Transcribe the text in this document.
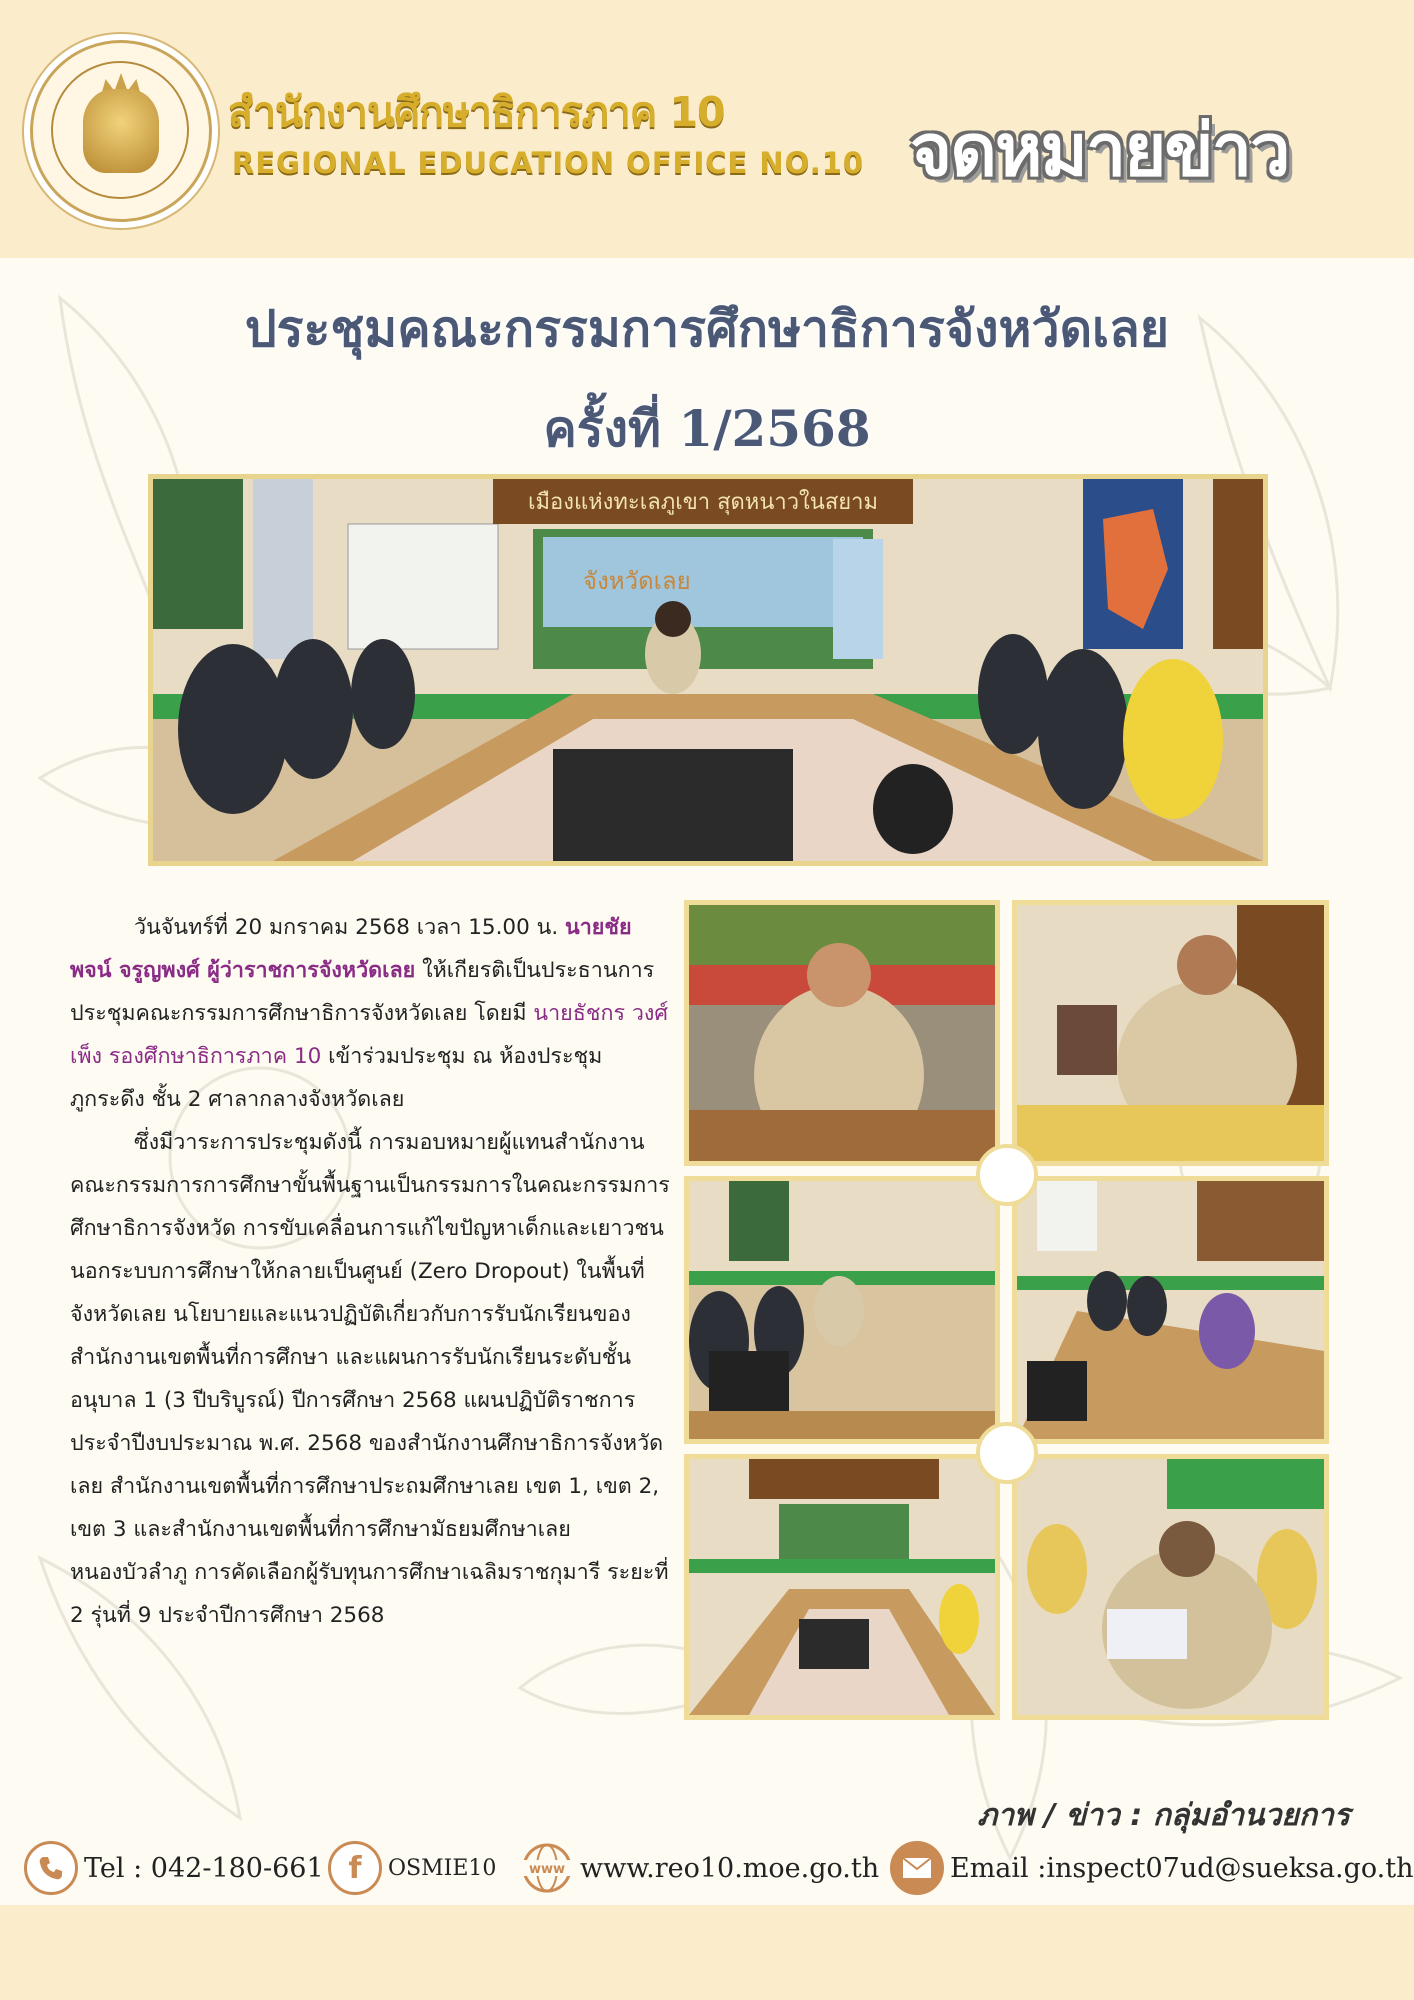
สำนักงานศึกษาธิการภาค 10
REGIONAL EDUCATION OFFICE NO.10 จดหมายข่าว
ประชุมคณะกรรมการศึกษาธิการจังหวัดเลย
ครั้งที่ 1/2568
เมืองแห่งทะเลภูเขา สุดหนาวในสยาม
จังหวัดเลย

วันจันทร์ที่ 20 มกราคม 2568 เวลา 15.00 น. นายชัยพจน์ จรูญพงศ์ ผู้ว่าราชการจังหวัดเลย ให้เกียรติเป็นประธานการประชุมคณะกรรมการศึกษาธิการจังหวัดเลย โดยมี นายธัชกร วงศ์เพ็ง รองศึกษาธิการภาค 10 เข้าร่วมประชุม ณ ห้องประชุมภูกระดึง ชั้น 2 ศาลากลางจังหวัดเลย

ซึ่งมีวาระการประชุมดังนี้ การมอบหมายผู้แทนสำนักงานคณะกรรมการการศึกษาขั้นพื้นฐานเป็นกรรมการในคณะกรรมการศึกษาธิการจังหวัด การขับเคลื่อนการแก้ไขปัญหาเด็กและเยาวชนนอกระบบการศึกษาให้กลายเป็นศูนย์ (Zero Dropout) ในพื้นที่จังหวัดเลย นโยบายและแนวปฏิบัติเกี่ยวกับการรับนักเรียนของสำนักงานเขตพื้นที่การศึกษา และแผนการรับนักเรียนระดับชั้นอนุบาล 1 (3 ปีบริบูรณ์) ปีการศึกษา 2568 แผนปฏิบัติราชการประจำปีงบประมาณ พ.ศ. 2568 ของสำนักงานศึกษาธิการจังหวัดเลย สำนักงานเขตพื้นที่การศึกษาประถมศึกษาเลย เขต 1, เขต 2, เขต 3 และสำนักงานเขตพื้นที่การศึกษามัธยมศึกษาเลย หนองบัวลำภู การคัดเลือกผู้รับทุนการศึกษาเฉลิมราชกุมารี ระยะที่ 2 รุ่นที่ 9 ประจำปีการศึกษา 2568

ภาพ / ข่าว : กลุ่มอำนวยการ
Tel : 042-180-661 f OSMIE10	www www.reo10.moe.go.th	Email :inspect07ud@sueksa.go.th
